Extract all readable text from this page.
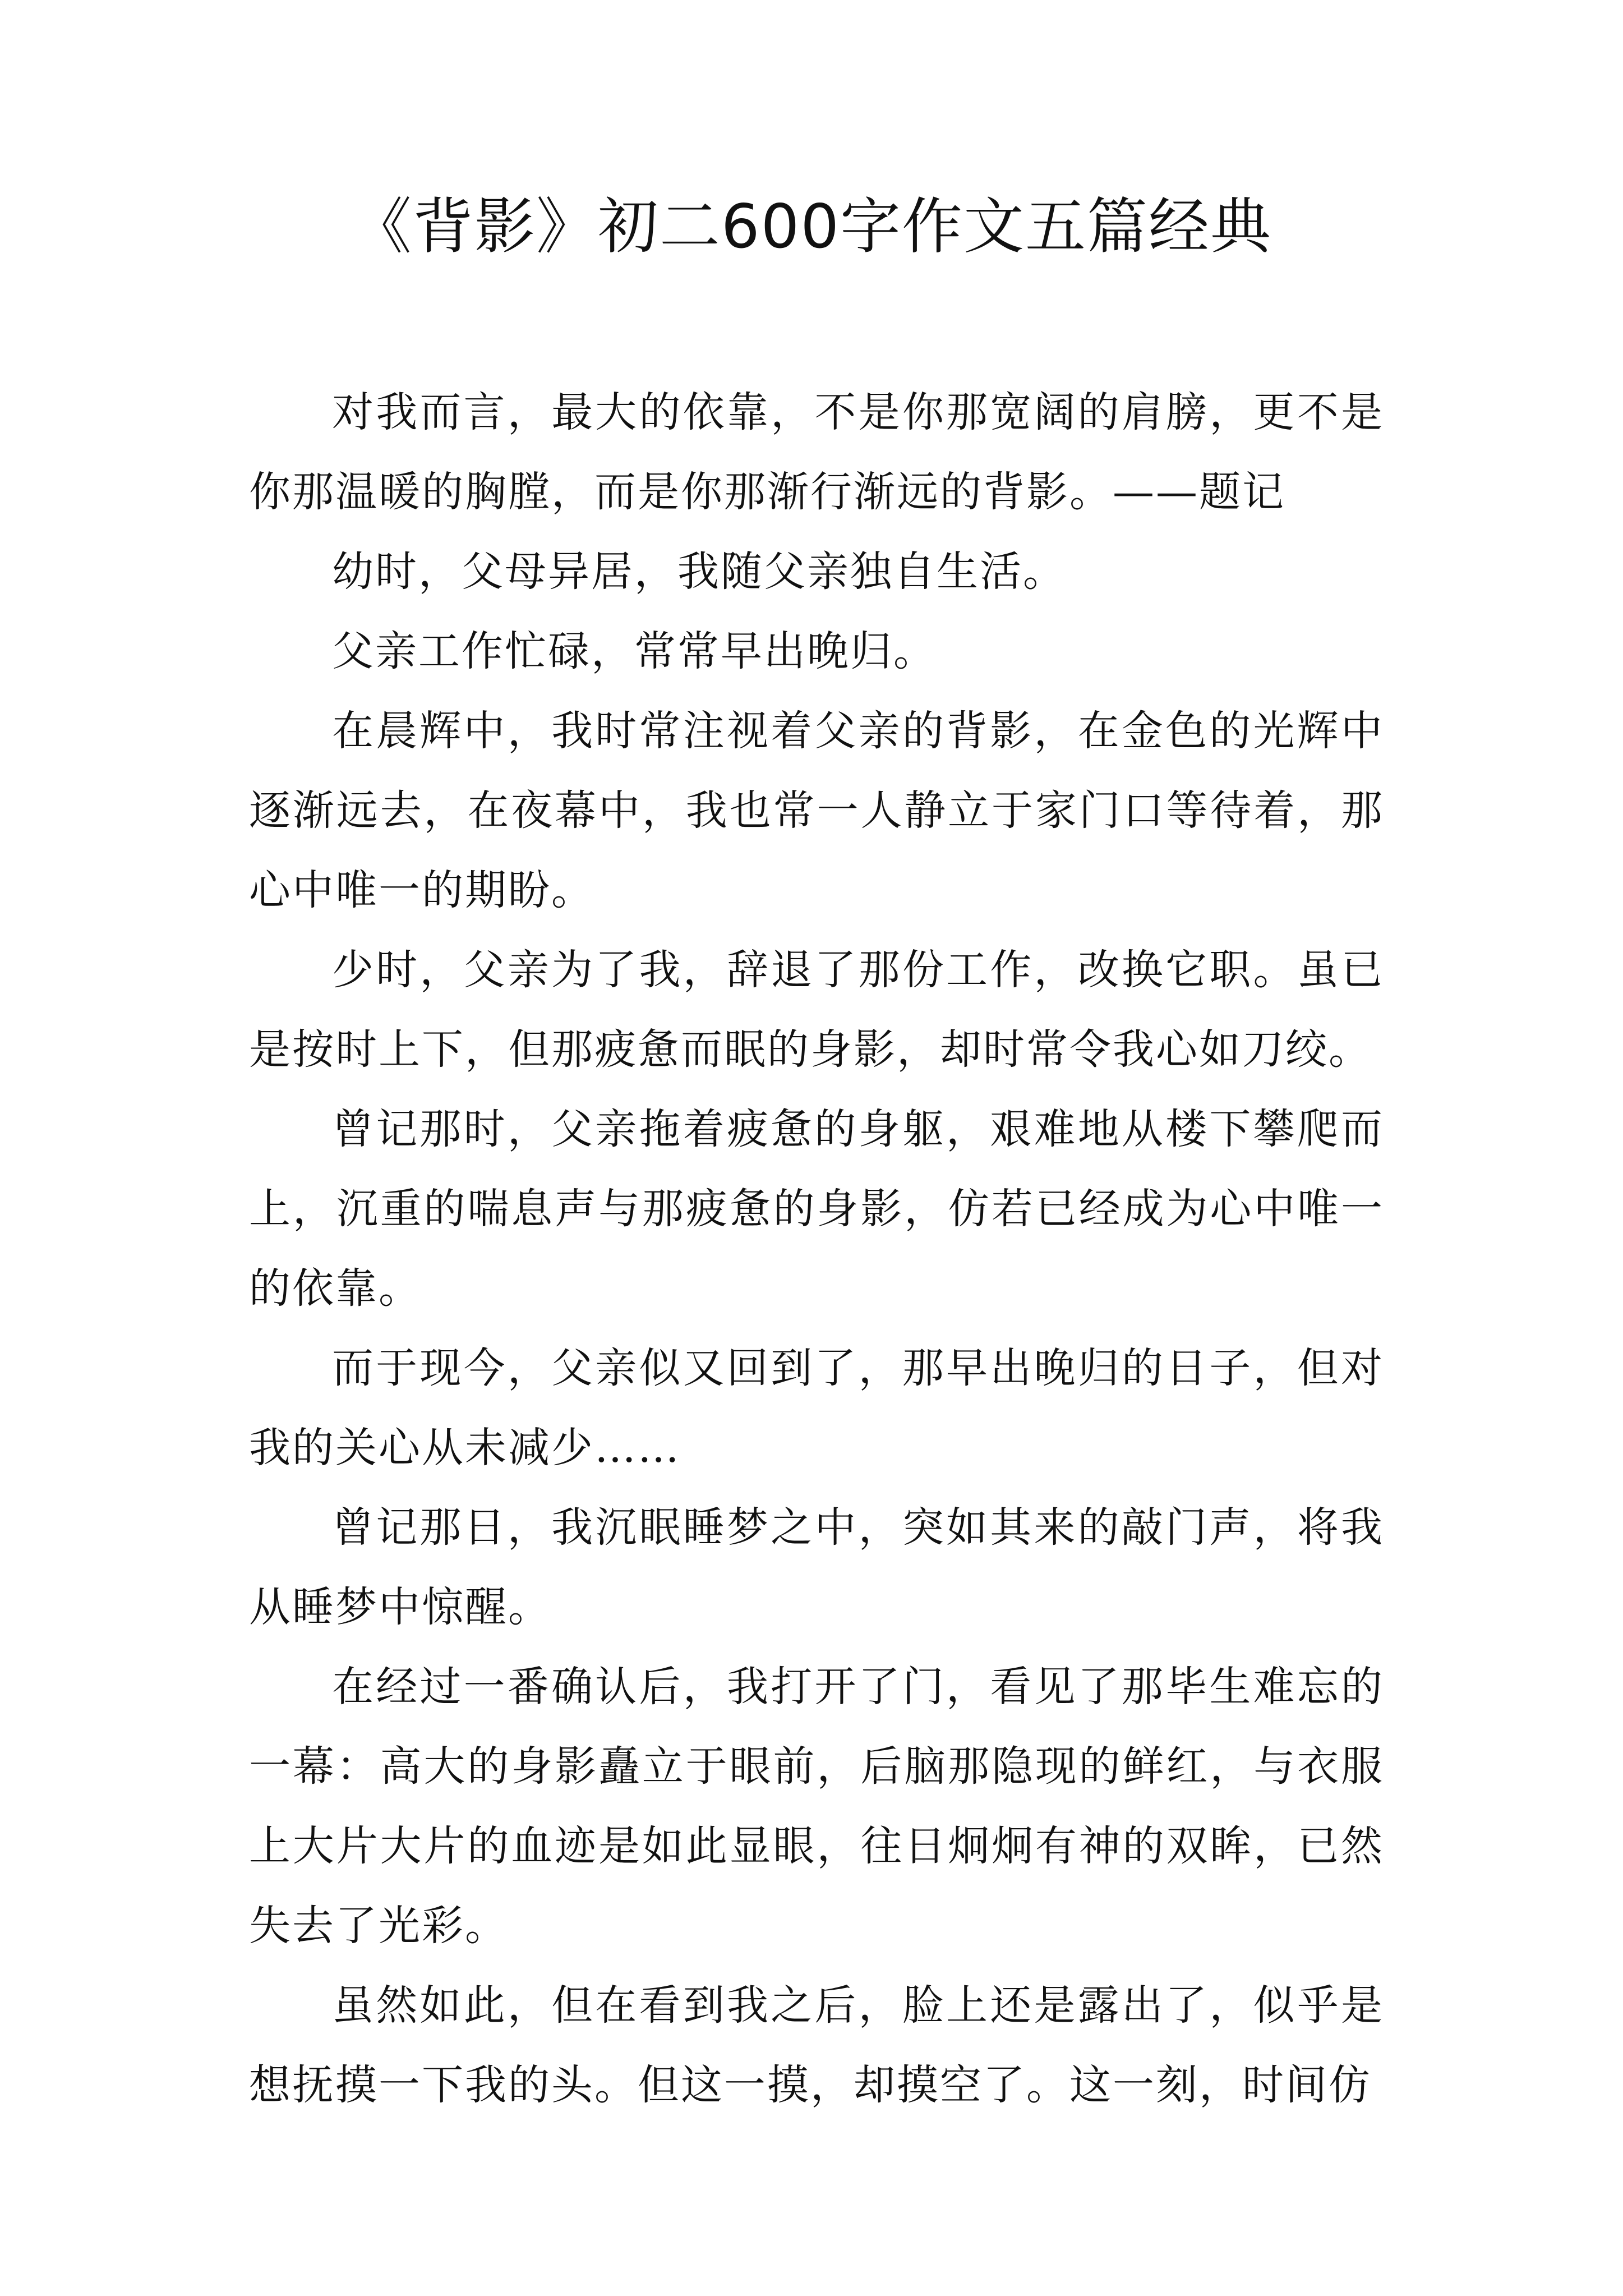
《背影》初二600字作文五篇经典

对我而言，最大的依靠，不是你那宽阔的肩膀，更不是你那温暖的胸膛，而是你那渐行渐远的背影。——题记

幼时，父母异居，我随父亲独自生活。

父亲工作忙碌，常常早出晚归。

在晨辉中，我时常注视着父亲的背影，在金色的光辉中逐渐远去，在夜幕中，我也常一人静立于家门口等待着，那心中唯一的期盼。

少时，父亲为了我，辞退了那份工作，改换它职。虽已是按时上下，但那疲惫而眠的身影，却时常令我心如刀绞。

曾记那时，父亲拖着疲惫的身躯，艰难地从楼下攀爬而上，沉重的喘息声与那疲惫的身影，仿若已经成为心中唯一的依靠。

而于现今，父亲似又回到了，那早出晚归的日子，但对我的关心从未减少……

曾记那日，我沉眠睡梦之中，突如其来的敲门声，将我从睡梦中惊醒。

在经过一番确认后，我打开了门，看见了那毕生难忘的一幕：高大的身影矗立于眼前，后脑那隐现的鲜红，与衣服上大片大片的血迹是如此显眼，往日炯炯有神的双眸，已然失去了光彩。

虽然如此，但在看到我之后，脸上还是露出了，似乎是想抚摸一下我的头。但这一摸，却摸空了。这一刻，时间仿
